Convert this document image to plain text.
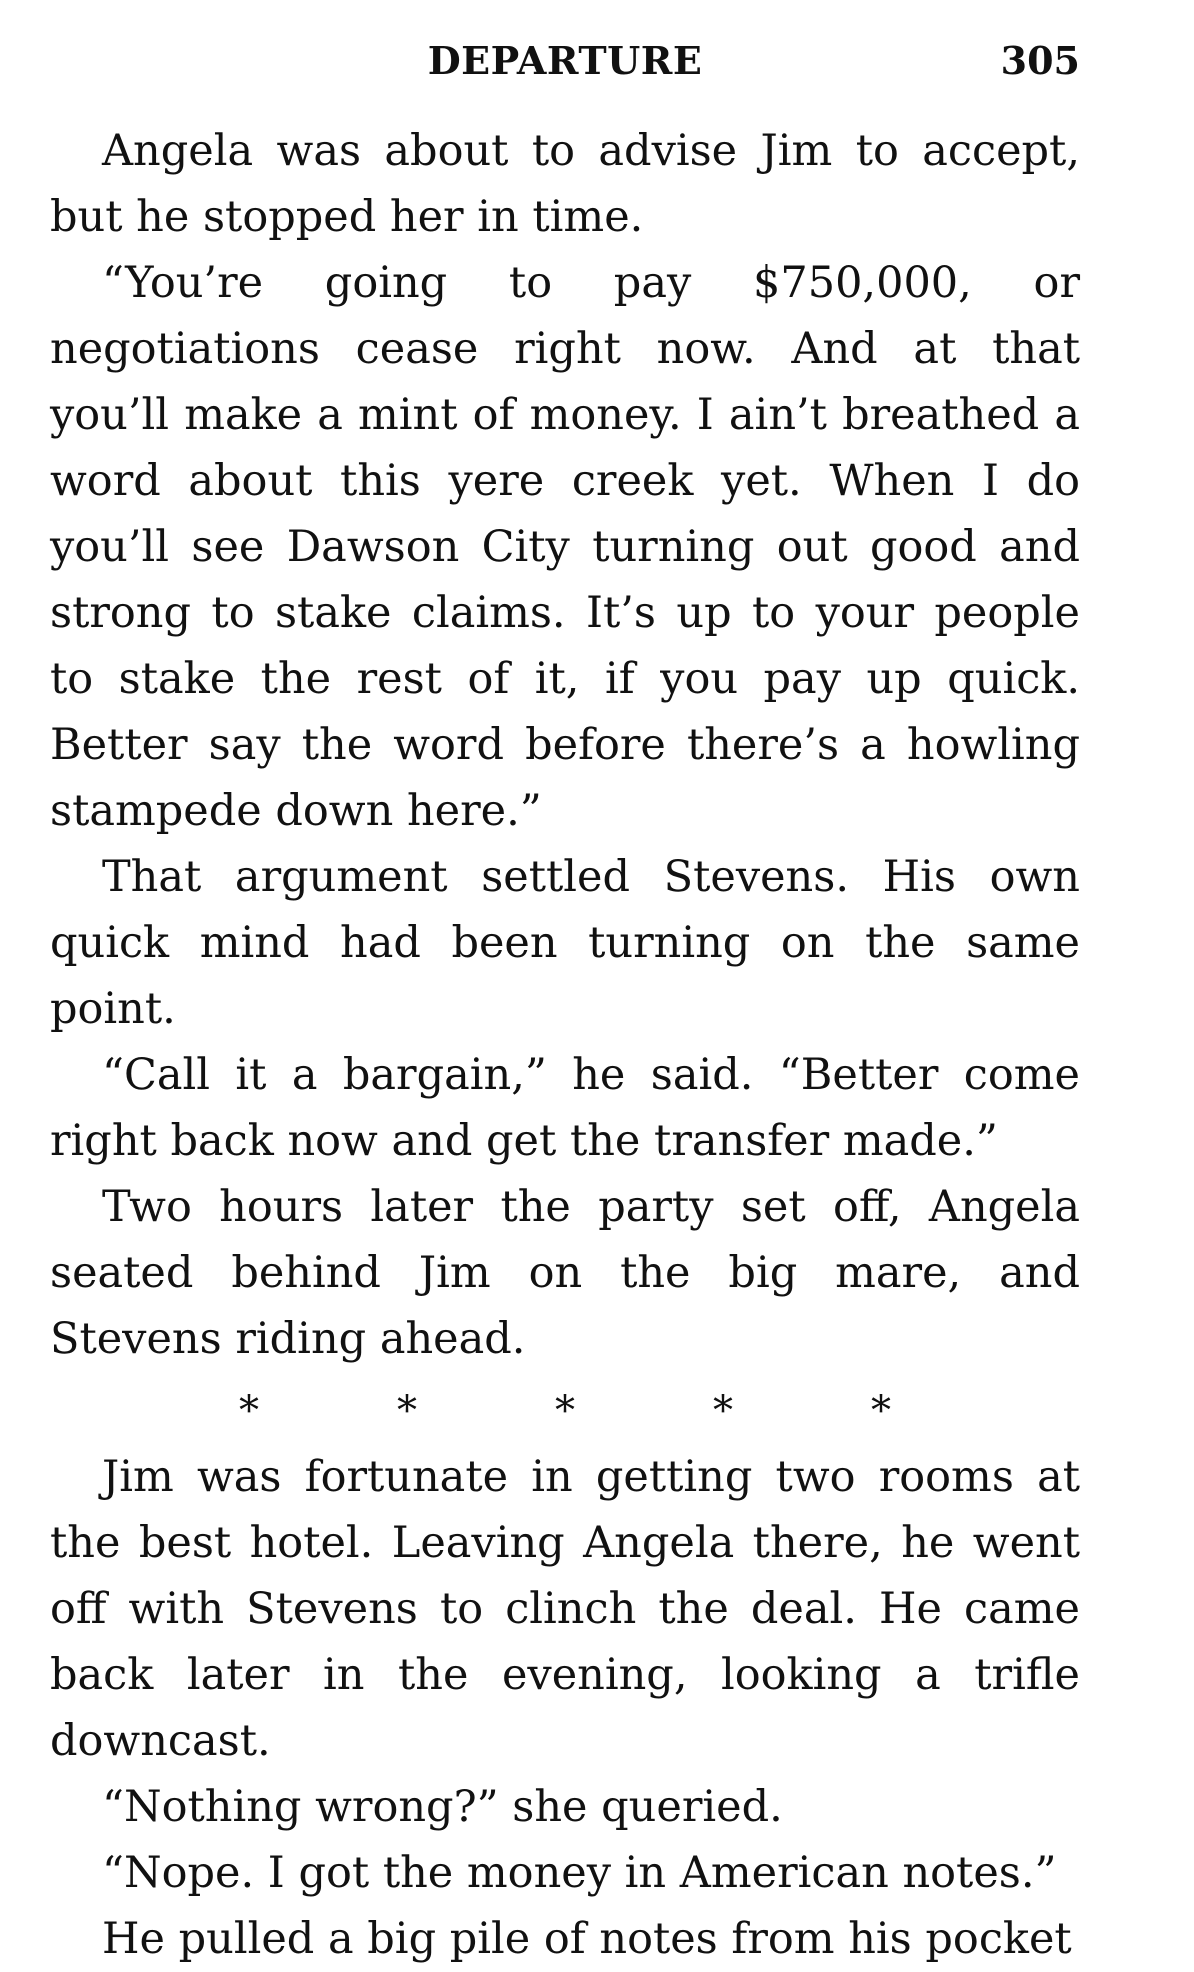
DEPARTURE	305

Angela was about to advise Jim to accept, but he stopped her in time.

“You’re going to pay $750,000, or negotiations cease right now. And at that you’ll make a mint of money. I ain’t breathed a word about this yere creek yet. When I do you’ll see Dawson City turning out good and strong to stake claims. It’s up to your people to stake the rest of it, if you pay up quick. Better say the word before there’s a howling stampede down here.”

That argument settled Stevens. His own quick mind had been turning on the same point.

“Call it a bargain,” he said. “Better come right back now and get the transfer made.”

Two hours later the party set off, Angela seated behind Jim on the big mare, and Stevens riding ahead.

*	*	*	*	*

Jim was fortunate in getting two rooms at the best hotel. Leaving Angela there, he went off with Stevens to clinch the deal. He came back later in the evening, looking a trifle downcast.

“Nothing wrong?” she queried.

“Nope. I got the money in American notes.”

He pulled a big pile of notes from his pocket
